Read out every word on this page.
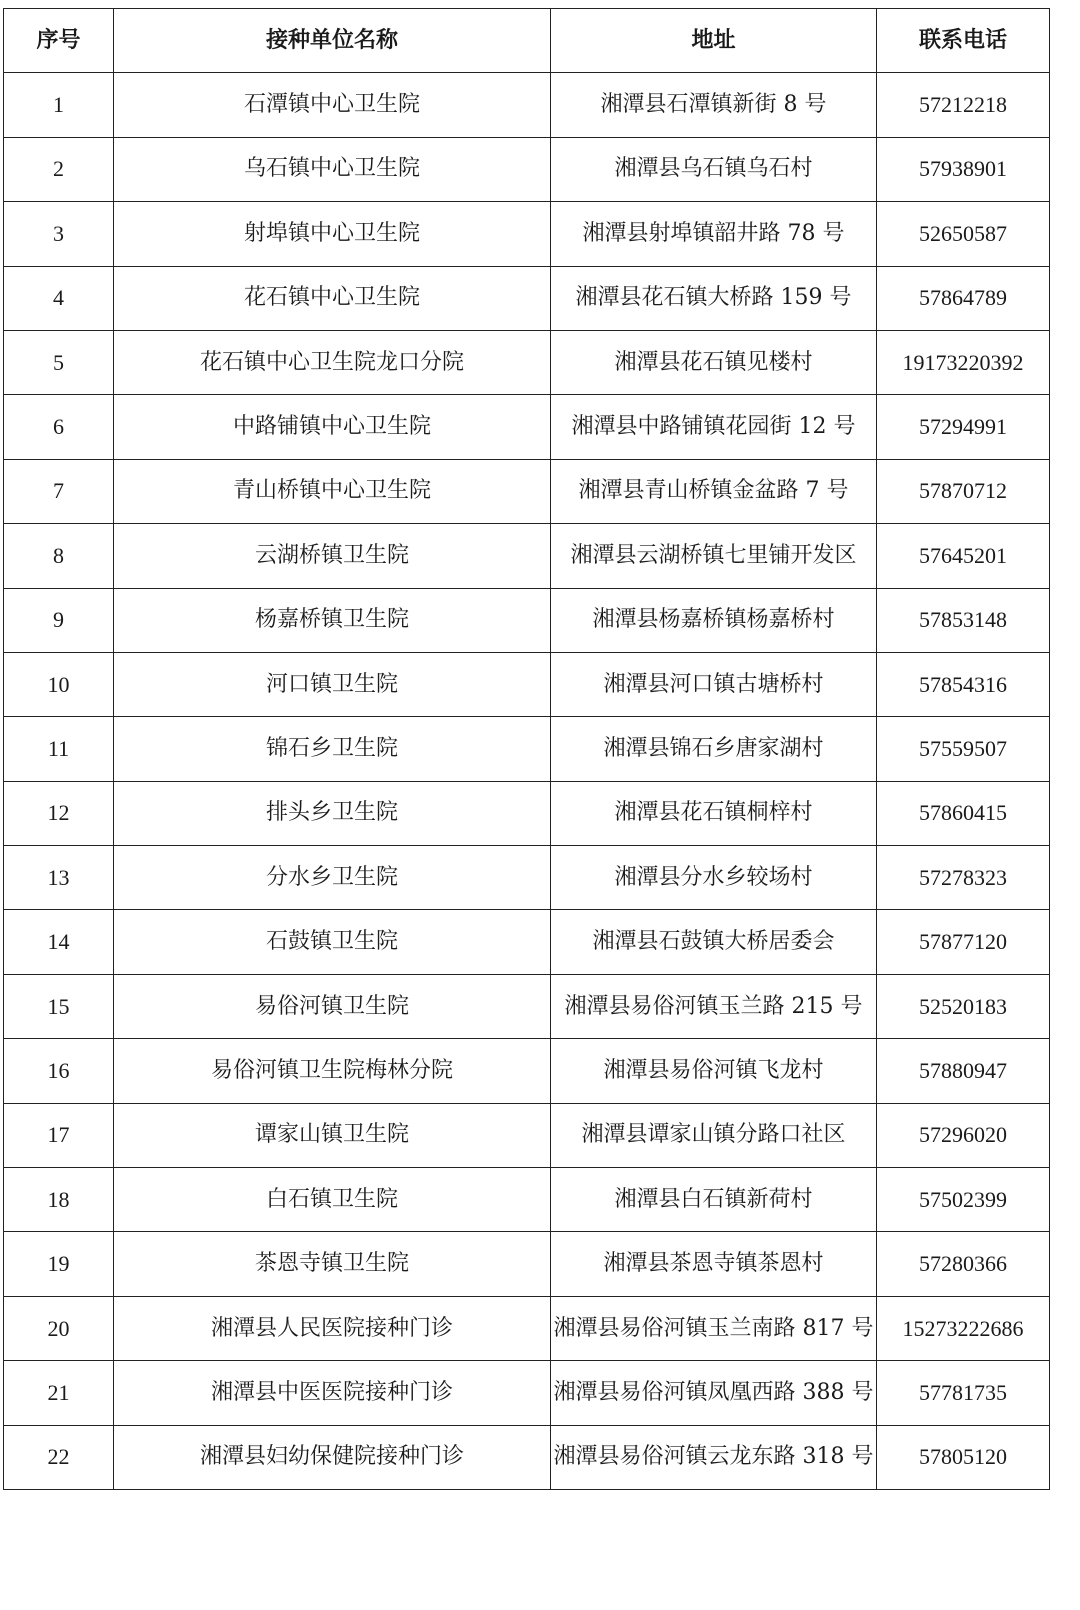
序号	接种单位名称	地址	联系电话
1	石潭镇中心卫生院	湘潭县石潭镇新街 8 号	57212218
2	乌石镇中心卫生院	湘潭县乌石镇乌石村	57938901
3	射埠镇中心卫生院	湘潭县射埠镇韶井路 78 号	52650587
4	花石镇中心卫生院	湘潭县花石镇大桥路 159 号	57864789
5	花石镇中心卫生院龙口分院	湘潭县花石镇见楼村	19173220392
6	中路铺镇中心卫生院	湘潭县中路铺镇花园街 12 号	57294991
7	青山桥镇中心卫生院	湘潭县青山桥镇金盆路 7 号	57870712
8	云湖桥镇卫生院	湘潭县云湖桥镇七里铺开发区	57645201
9	杨嘉桥镇卫生院	湘潭县杨嘉桥镇杨嘉桥村	57853148
10	河口镇卫生院	湘潭县河口镇古塘桥村	57854316
11	锦石乡卫生院	湘潭县锦石乡唐家湖村	57559507
12	排头乡卫生院	湘潭县花石镇桐梓村	57860415
13	分水乡卫生院	湘潭县分水乡较场村	57278323
14	石鼓镇卫生院	湘潭县石鼓镇大桥居委会	57877120
15	易俗河镇卫生院	湘潭县易俗河镇玉兰路 215 号	52520183
16	易俗河镇卫生院梅林分院	湘潭县易俗河镇飞龙村	57880947
17	谭家山镇卫生院	湘潭县谭家山镇分路口社区	57296020
18	白石镇卫生院	湘潭县白石镇新荷村	57502399
19	茶恩寺镇卫生院	湘潭县茶恩寺镇茶恩村	57280366
20	湘潭县人民医院接种门诊	湘潭县易俗河镇玉兰南路 817 号	15273222686
21	湘潭县中医医院接种门诊	湘潭县易俗河镇凤凰西路 388 号	57781735
22	湘潭县妇幼保健院接种门诊	湘潭县易俗河镇云龙东路 318 号	57805120
